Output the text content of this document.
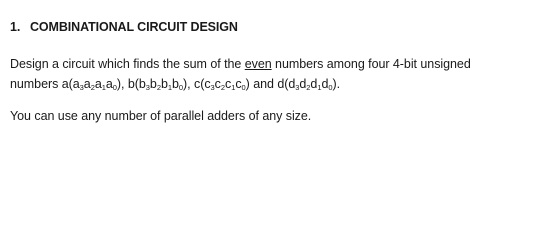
1. COMBINATIONAL CIRCUIT DESIGN
Design a circuit which finds the sum of the even numbers among four 4-bit unsigned
numbers $a(a_3a_2a_1a_0)$, $b(b_3b_2b_1b_0)$, $c(c_3c_2c_1c_0)$ and $d(d_3d_2d_1d_0)$.
You can use any number of parallel adders of any size.
